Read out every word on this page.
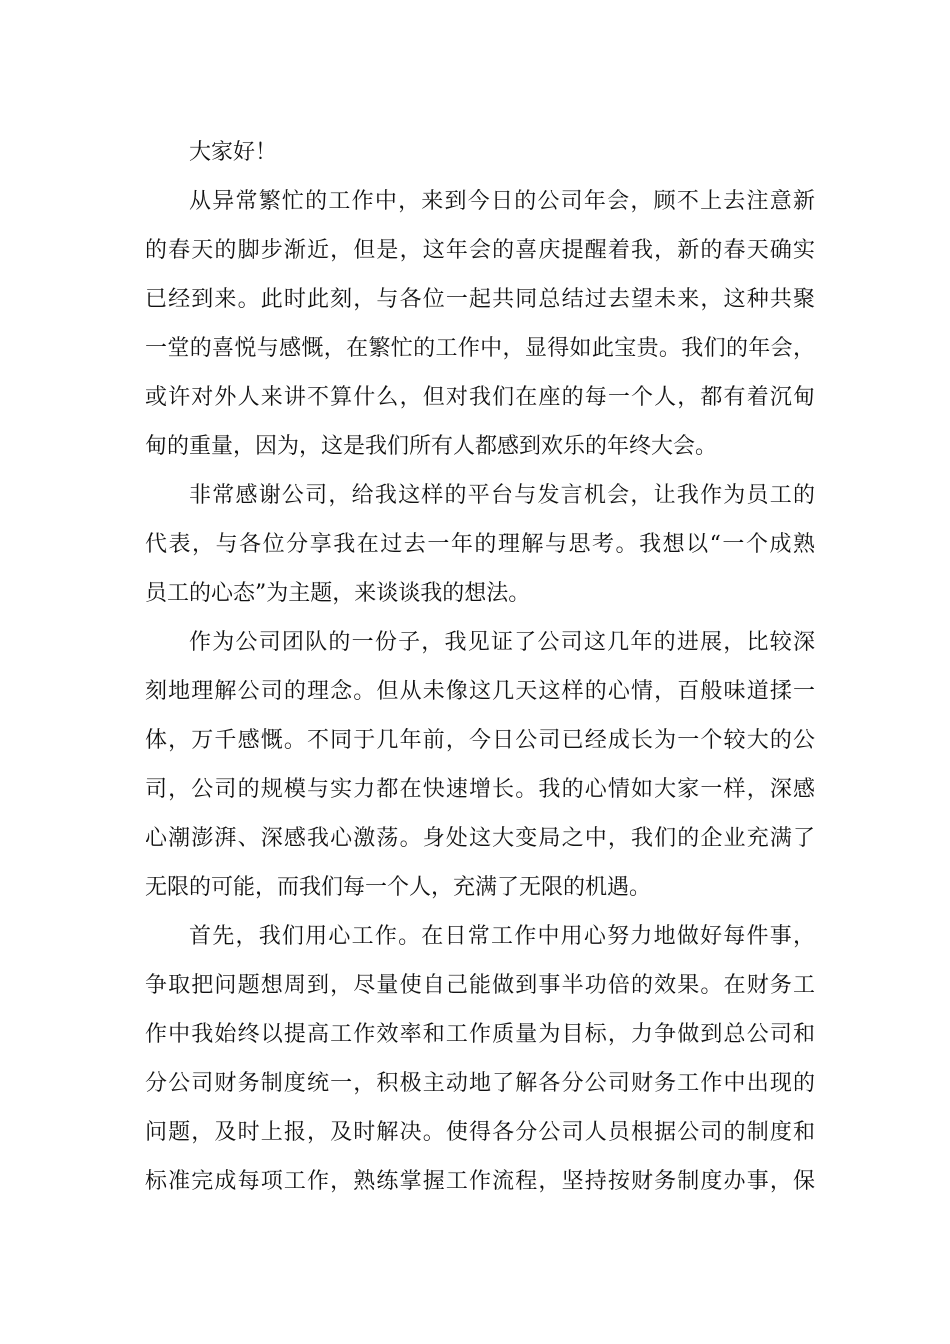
大家好！
从异常繁忙的工作中，来到今日的公司年会，顾不上去注意新
的春天的脚步渐近，但是，这年会的喜庆提醒着我，新的春天确实
已经到来。此时此刻，与各位一起共同总结过去望未来，这种共聚
一堂的喜悦与感慨，在繁忙的工作中，显得如此宝贵。我们的年会，
或许对外人来讲不算什么，但对我们在座的每一个人，都有着沉甸
甸的重量，因为，这是我们所有人都感到欢乐的年终大会。
非常感谢公司，给我这样的平台与发言机会，让我作为员工的
代表，与各位分享我在过去一年的理解与思考。我想以“一个成熟
员工的心态”为主题，来谈谈我的想法。
作为公司团队的一份子，我见证了公司这几年的进展，比较深
刻地理解公司的理念。但从未像这几天这样的心情，百般味道揉一
体，万千感慨。不同于几年前，今日公司已经成长为一个较大的公
司，公司的规模与实力都在快速增长。我的心情如大家一样，深感
心潮澎湃、深感我心激荡。身处这大变局之中，我们的企业充满了
无限的可能，而我们每一个人，充满了无限的机遇。
首先，我们用心工作。在日常工作中用心努力地做好每件事，
争取把问题想周到，尽量使自己能做到事半功倍的效果。在财务工
作中我始终以提高工作效率和工作质量为目标，力争做到总公司和
分公司财务制度统一，积极主动地了解各分公司财务工作中出现的
问题，及时上报，及时解决。使得各分公司人员根据公司的制度和
标准完成每项工作，熟练掌握工作流程，坚持按财务制度办事，保
